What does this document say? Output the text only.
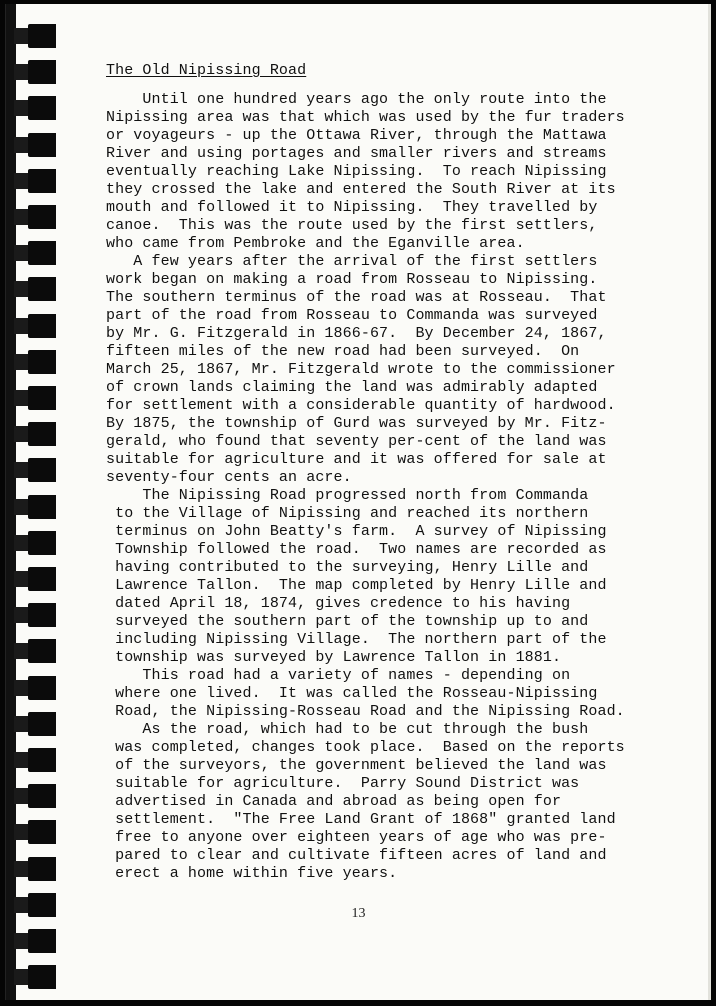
The Old Nipissing Road
Until one hundred years ago the only route into the
Nipissing area was that which was used by the fur traders
or voyageurs - up the Ottawa River, through the Mattawa
River and using portages and smaller rivers and streams
eventually reaching Lake Nipissing.  To reach Nipissing
they crossed the lake and entered the South River at its
mouth and followed it to Nipissing.  They travelled by
canoe.  This was the route used by the first settlers,
who came from Pembroke and the Eganville area.
A few years after the arrival of the first settlers
work began on making a road from Rosseau to Nipissing.
The southern terminus of the road was at Rosseau.  That
part of the road from Rosseau to Commanda was surveyed
by Mr. G. Fitzgerald in 1866-67.  By December 24, 1867,
fifteen miles of the new road had been surveyed.  On
March 25, 1867, Mr. Fitzgerald wrote to the commissioner
of crown lands claiming the land was admirably adapted
for settlement with a considerable quantity of hardwood.
By 1875, the township of Gurd was surveyed by Mr. Fitz-
gerald, who found that seventy per-cent of the land was
suitable for agriculture and it was offered for sale at
seventy-four cents an acre.
The Nipissing Road progressed north from Commanda
to the Village of Nipissing and reached its northern
terminus on John Beatty's farm.  A survey of Nipissing
Township followed the road.  Two names are recorded as
having contributed to the surveying, Henry Lille and
Lawrence Tallon.  The map completed by Henry Lille and
dated April 18, 1874, gives credence to his having
surveyed the southern part of the township up to and
including Nipissing Village.  The northern part of the
township was surveyed by Lawrence Tallon in 1881.
This road had a variety of names - depending on
where one lived.  It was called the Rosseau-Nipissing
Road, the Nipissing-Rosseau Road and the Nipissing Road.
As the road, which had to be cut through the bush
was completed, changes took place.  Based on the reports
of the surveyors, the government believed the land was
suitable for agriculture.  Parry Sound District was
advertised in Canada and abroad as being open for
settlement.  "The Free Land Grant of 1868" granted land
free to anyone over eighteen years of age who was pre-
pared to clear and cultivate fifteen acres of land and
erect a home within five years.
13
